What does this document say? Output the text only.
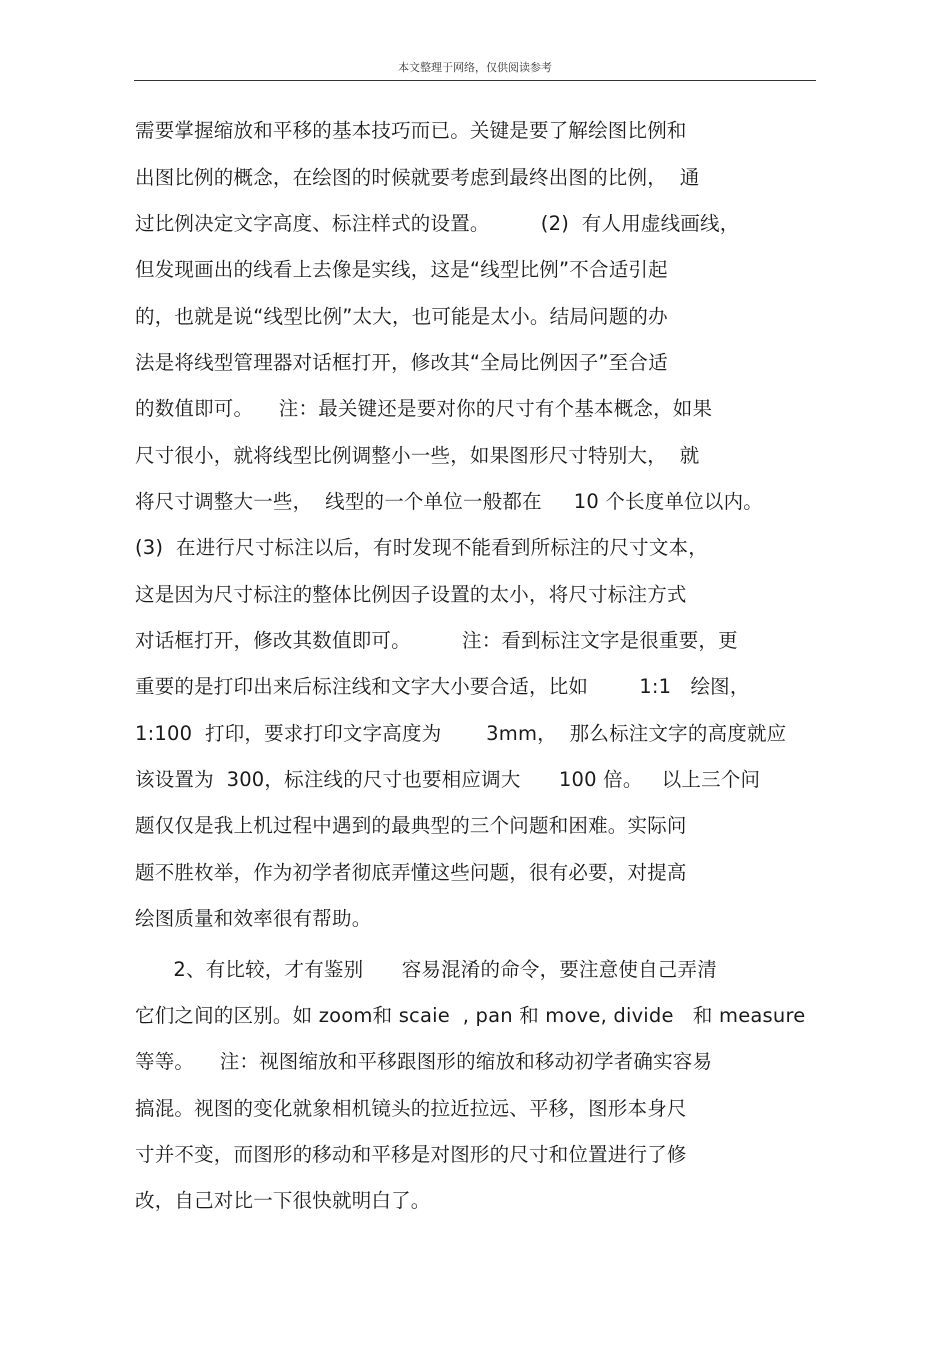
本文整理于网络，仅供阅读参考
需要掌握缩放和平移的基本技巧而已。关键是要了解绘图比例和
出图比例的概念，在绘图的时候就要考虑到最终出图的比例，  通
过比例决定文字高度、标注样式的设置。        (2)  有人用虚线画线，
但发现画出的线看上去像是实线，这是“线型比例”不合适引起
的，也就是说“线型比例”太大，也可能是太小。结局问题的办
法是将线型管理器对话框打开，修改其“全局比例因子”至合适
的数值即可。    注：最关键还是要对你的尺寸有个基本概念，如果
尺寸很小，就将线型比例调整小一些，如果图形尺寸特别大，  就
将尺寸调整大一些，  线型的一个单位一般都在     10 个长度单位以内。
(3)  在进行尺寸标注以后，有时发现不能看到所标注的尺寸文本，
这是因为尺寸标注的整体比例因子设置的太小，将尺寸标注方式
对话框打开，修改其数值即可。        注：看到标注文字是很重要，更
重要的是打印出来后标注线和文字大小要合适，比如        1:1   绘图，
1:100  打印，要求打印文字高度为       3mm，  那么标注文字的高度就应
该设置为  300，标注线的尺寸也要相应调大      100 倍。   以上三个问
题仅仅是我上机过程中遇到的最典型的三个问题和困难。实际问
题不胜枚举，作为初学者彻底弄懂这些问题，很有必要，对提高
绘图质量和效率很有帮助。
2、有比较，才有鉴别      容易混淆的命令，要注意使自己弄清
它们之间的区别。如 zoom和 scaie  , pan 和 move, divide   和 measure
等等。    注：视图缩放和平移跟图形的缩放和移动初学者确实容易
搞混。视图的变化就象相机镜头的拉近拉远、平移，图形本身尺
寸并不变，而图形的移动和平移是对图形的尺寸和位置进行了修
改，自己对比一下很快就明白了。
